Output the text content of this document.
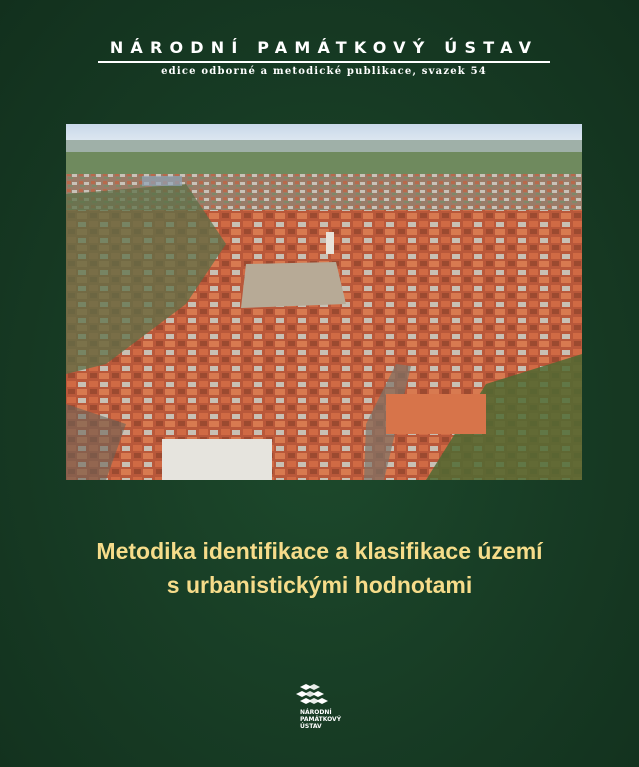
NÁRODNÍ PAMÁTKOVÝ ÚSTAV
edice odborné a metodické publikace, svazek 54
Metodika identifikace a klasifikace území
s urbanistickými hodnotami
NÁRODNÍ
PAMÁTKOVÝ
ÚSTAV
